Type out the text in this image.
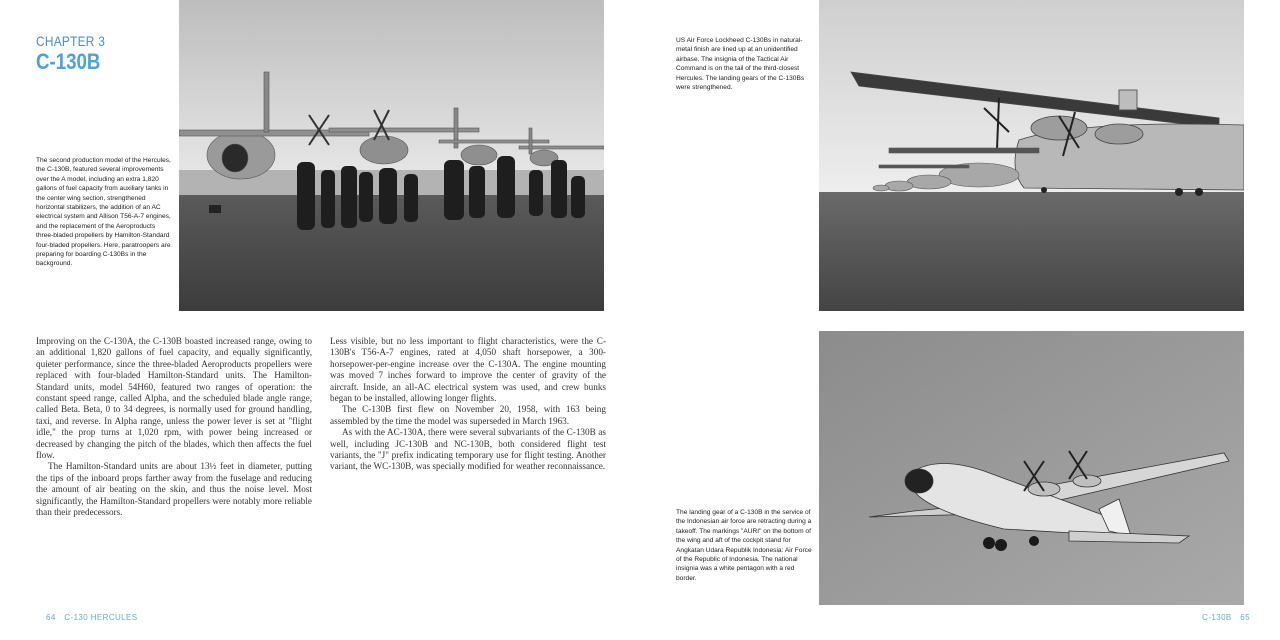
CHAPTER 3
C-130B
The second production model of the Hercules, the C-130B, featured several improvements over the A model, including an extra 1,820 gallons of fuel capacity from auxiliary tanks in the center wing section, strengthened horizontal stabilizers, the addition of an AC electrical system and Allison T56-A-7 engines, and the replacement of the Aeroproducts three-bladed propellers by Hamilton-Standard four-bladed propellers. Here, paratroopers are preparing for boarding C-130Bs in the background.

Improving on the C-130A, the C-130B boasted increased range, owing to an additional 1,820 gallons of fuel capacity, and equally significantly, quieter performance, since the three-bladed Aeroproducts propellers were replaced with four-bladed Hamilton-Standard units. The Hamilton-Standard units, model 54H60, featured two ranges of operation: the constant speed range, called Alpha, and the scheduled blade angle range, called Beta. Beta, 0 to 34 degrees, is normally used for ground handling, taxi, and reverse. In Alpha range, unless the power lever is set at "flight idle," the prop turns at 1,020 rpm, with power being increased or decreased by changing the pitch of the blades, which then affects the fuel flow.

The Hamilton-Standard units are about 13½ feet in diameter, putting the tips of the inboard props farther away from the fuselage and reducing the amount of air beating on the skin, and thus the noise level. Most significantly, the Hamilton-Standard propellers were notably more reliable than their predecessors.

Less visible, but no less important to flight characteristics, were the C-130B's T56-A-7 engines, rated at 4,050 shaft horsepower, a 300-horsepower-per-engine increase over the C-130A. The engine mounting was moved 7 inches forward to improve the center of gravity of the aircraft. Inside, an all-AC electrical system was used, and crew bunks began to be installed, allowing longer flights.

The C-130B first flew on November 20, 1958, with 163 being assembled by the time the model was superseded in March 1963.

As with the AC-130A, there were several subvariants of the C-130B as well, including JC-130B and NC-130B, both considered flight test variants, the "J" prefix indicating temporary use for flight testing. Another variant, the WC-130B, was specially modified for weather reconnaissance.

64 C-130 HERCULES
US Air Force Lockheed C-130Bs in natural-metal finish are lined up at an unidentified airbase. The insignia of the Tactical Air Command is on the tail of the third-closest Hercules. The landing gears of the C-130Bs were strengthened.
The landing gear of a C-130B in the service of the Indonesian air force are retracting during a takeoff. The markings "AURI" on the bottom of the wing and aft of the cockpit stand for Angkatan Udara Republik Indonesia: Air Force of the Republic of Indonesia. The national insignia was a white pentagon with a red border.
C-130B 65
